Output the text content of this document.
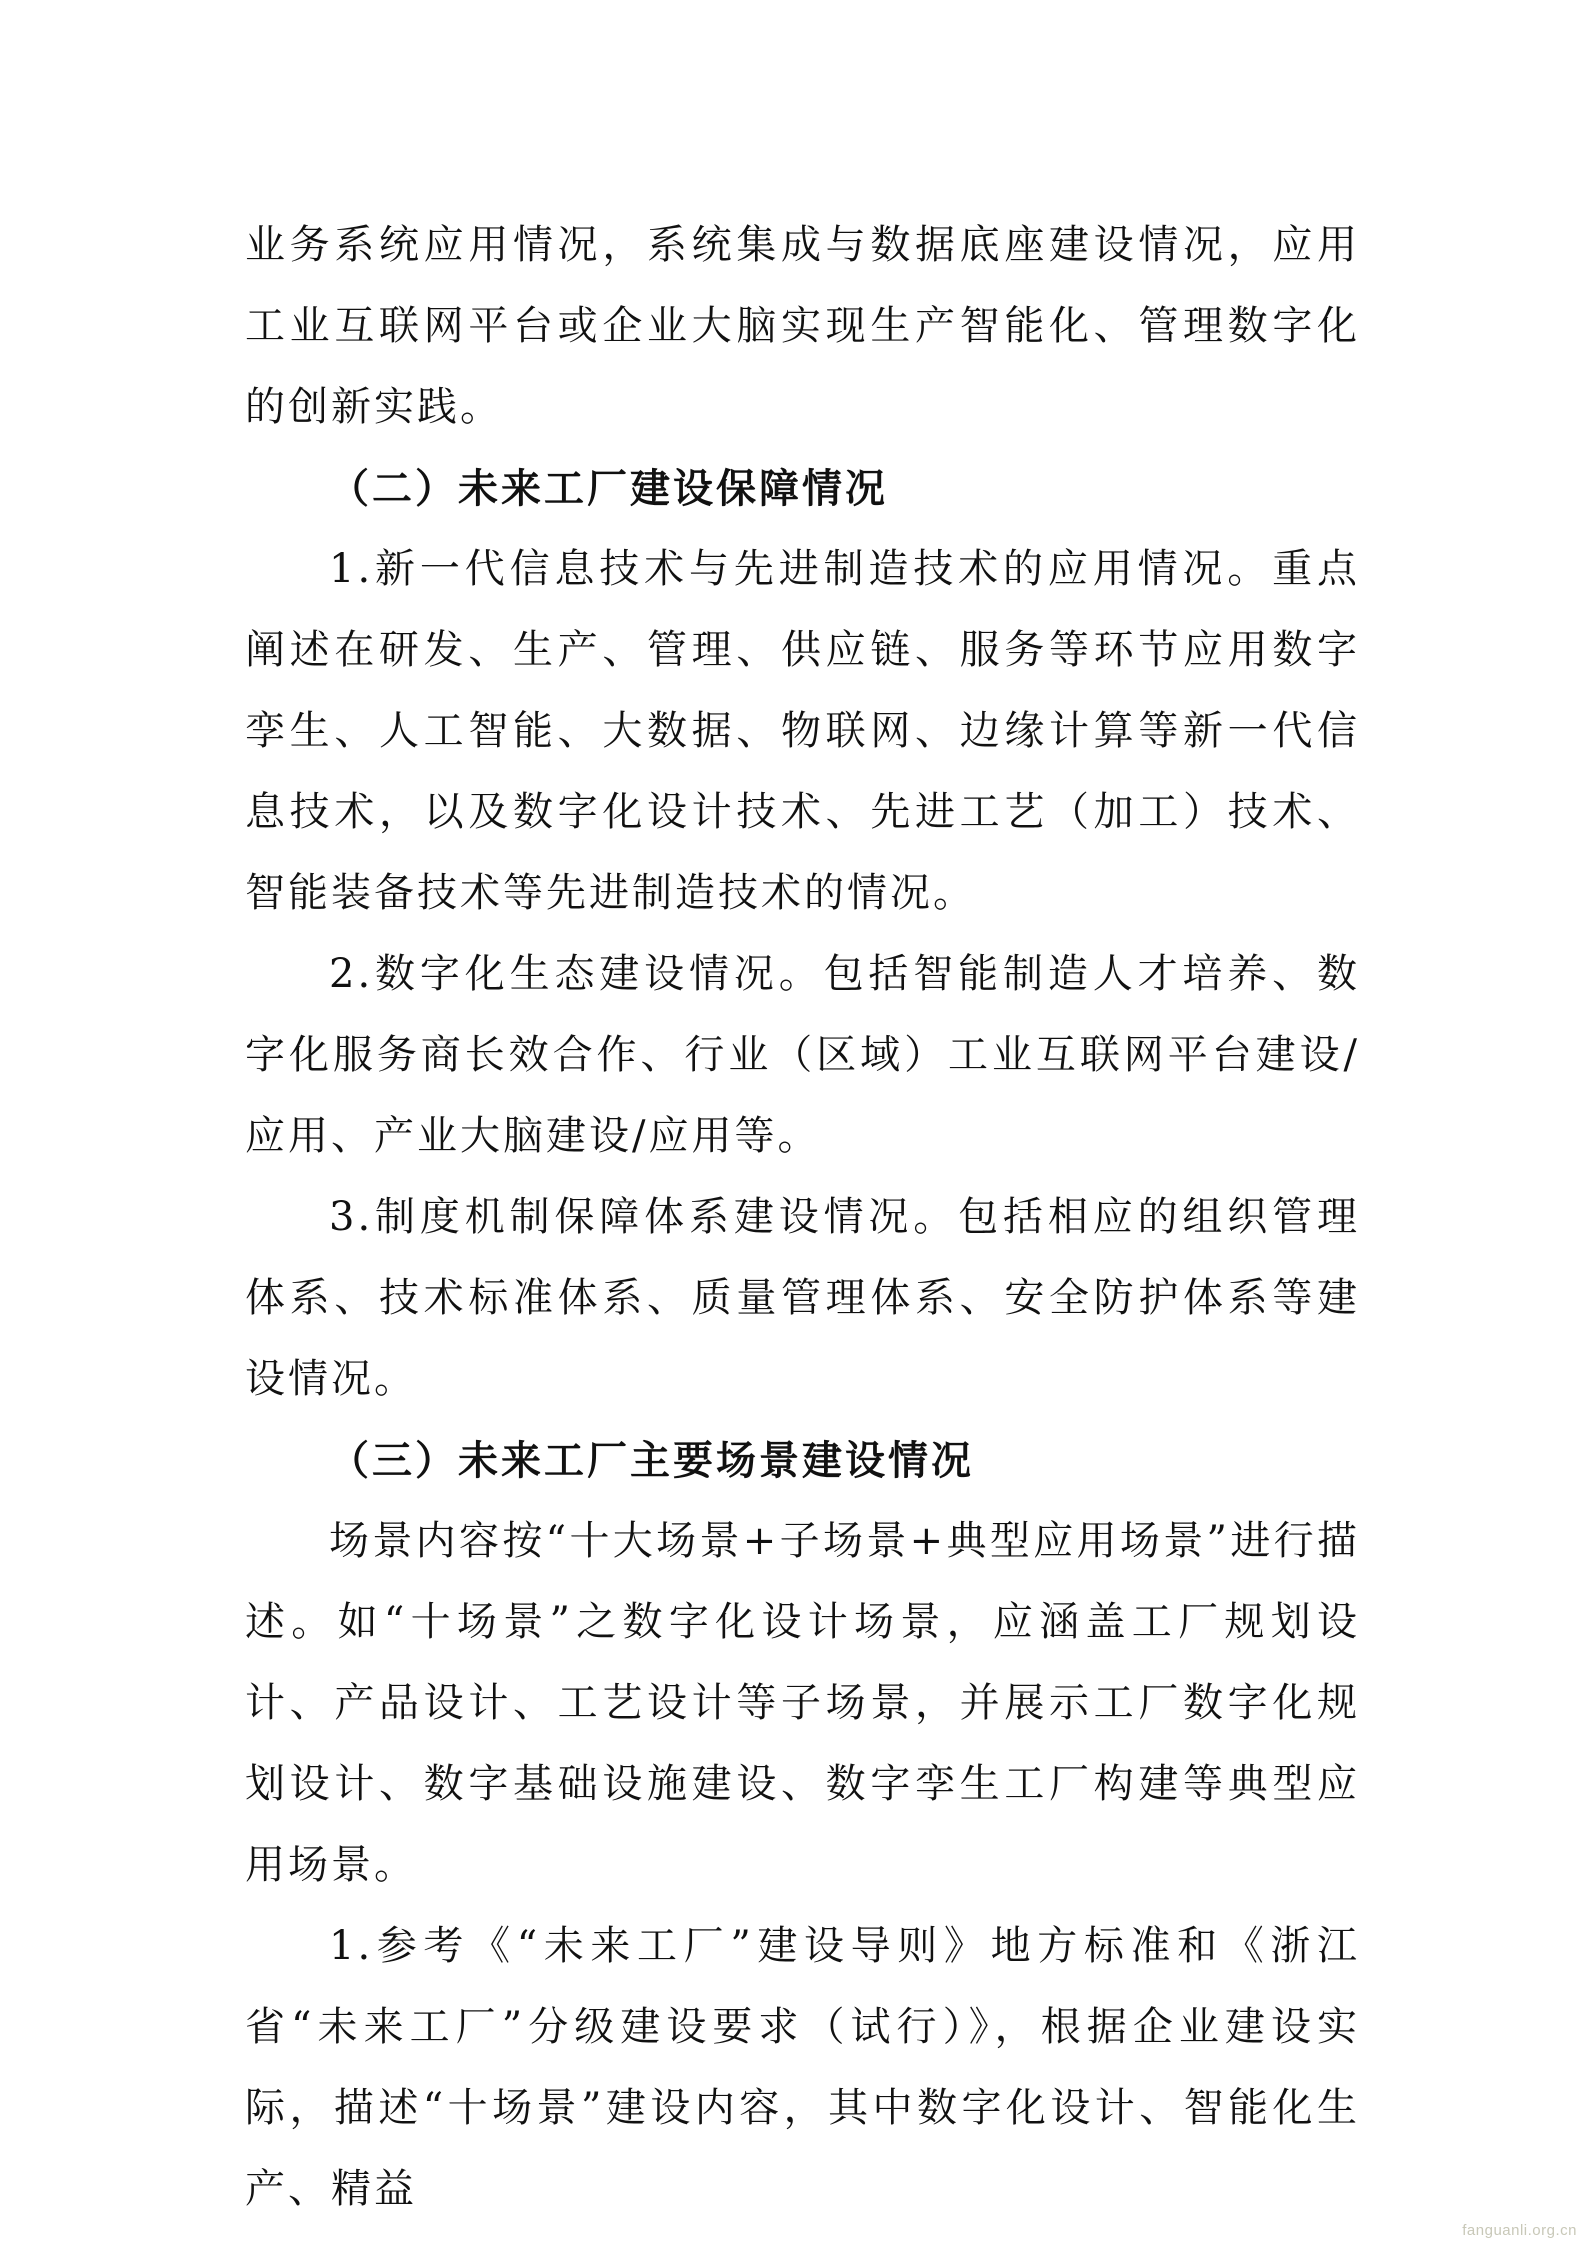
业务系统应用情况，系统集成与数据底座建设情况，应用工业互联网平台或企业大脑实现生产智能化、管理数字化的创新实践。

（二）未来工厂建设保障情况

1.新一代信息技术与先进制造技术的应用情况。重点阐述在研发、生产、管理、供应链、服务等环节应用数字孪生、人工智能、大数据、物联网、边缘计算等新一代信息技术，以及数字化设计技术、先进工艺（加工）技术、智能装备技术等先进制造技术的情况。

2.数字化生态建设情况。包括智能制造人才培养、数字化服务商长效合作、行业（区域）工业互联网平台建设/应用、产业大脑建设/应用等。

3.制度机制保障体系建设情况。包括相应的组织管理体系、技术标准体系、质量管理体系、安全防护体系等建设情况。

（三）未来工厂主要场景建设情况

场景内容按“十大场景+子场景+典型应用场景”进行描述。如“十场景”之数字化设计场景，应涵盖工厂规划设计、产品设计、工艺设计等子场景，并展示工厂数字化规划设计、数字基础设施建设、数字孪生工厂构建等典型应用场景。

1.参考《“未来工厂”建设导则》地方标准和《浙江省“未来工厂”分级建设要求（试行）》，根据企业建设实际，描述“十场景”建设内容，其中数字化设计、智能化生产、精益

fanguanli.org.cn
